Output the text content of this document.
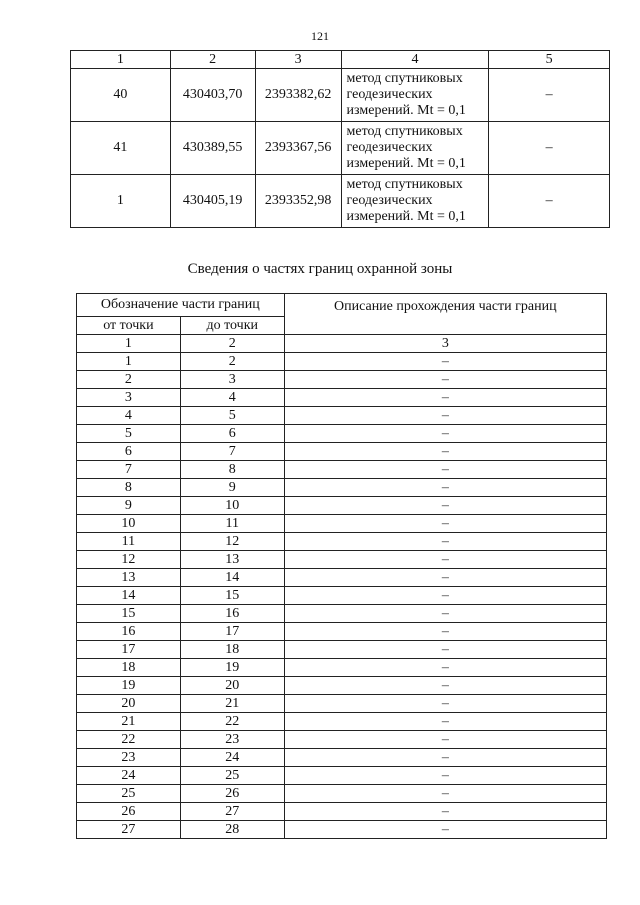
121
1	2	3	4	5
40	430403,70	2393382,62	метод спутниковых
геодезических
измерений. Mt = 0,1	–
41	430389,55	2393367,56	метод спутниковых
геодезических
измерений. Mt = 0,1	–
1	430405,19	2393352,98	метод спутниковых
геодезических
измерений. Mt = 0,1	–
Сведения о частях границ охранной зоны
Обозначение части границ		Описание прохождения части границ
от точки	до точки	
1	2	3
1	2	–
2	3	–
3	4	–
4	5	–
5	6	–
6	7	–
7	8	–
8	9	–
9	10	–
10	11	–
11	12	–
12	13	–
13	14	–
14	15	–
15	16	–
16	17	–
17	18	–
18	19	–
19	20	–
20	21	–
21	22	–
22	23	–
23	24	–
24	25	–
25	26	–
26	27	–
27	28	–
